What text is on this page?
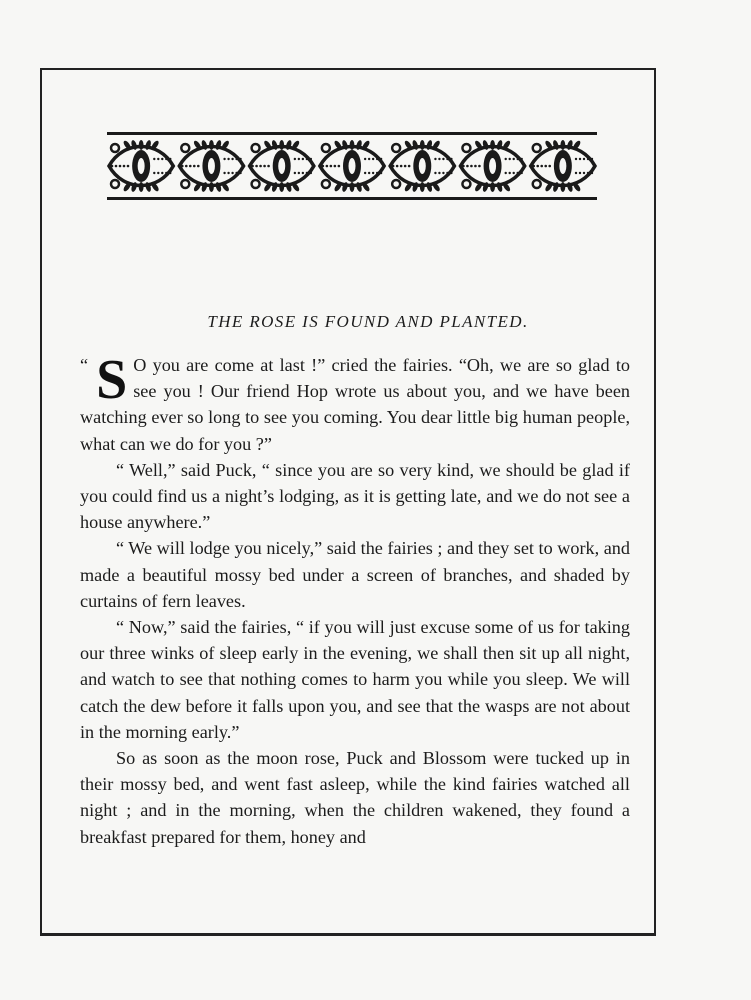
THE ROSE IS FOUND AND PLANTED.

“ S O you are come at last !” cried the fairies. “Oh, we are so glad to see you ! Our friend Hop wrote us about you, and we have been watching ever so long to see you coming. You dear little big human people, what can we do for you ?”

“ Well,” said Puck, “ since you are so very kind, we should be glad if you could find us a night’s lodging, as it is getting late, and we do not see a house anywhere.”

“ We will lodge you nicely,” said the fairies ; and they set to work, and made a beautiful mossy bed under a screen of branches, and shaded by curtains of fern leaves.

“ Now,” said the fairies, “ if you will just excuse some of us for taking our three winks of sleep early in the evening, we shall then sit up all night, and watch to see that nothing comes to harm you while you sleep. We will catch the dew before it falls upon you, and see that the wasps are not about in the morning early.”

So as soon as the moon rose, Puck and Blossom were tucked up in their mossy bed, and went fast asleep, while the kind fairies watched all night ; and in the morning, when the children wakened, they found a breakfast prepared for them, honey and
